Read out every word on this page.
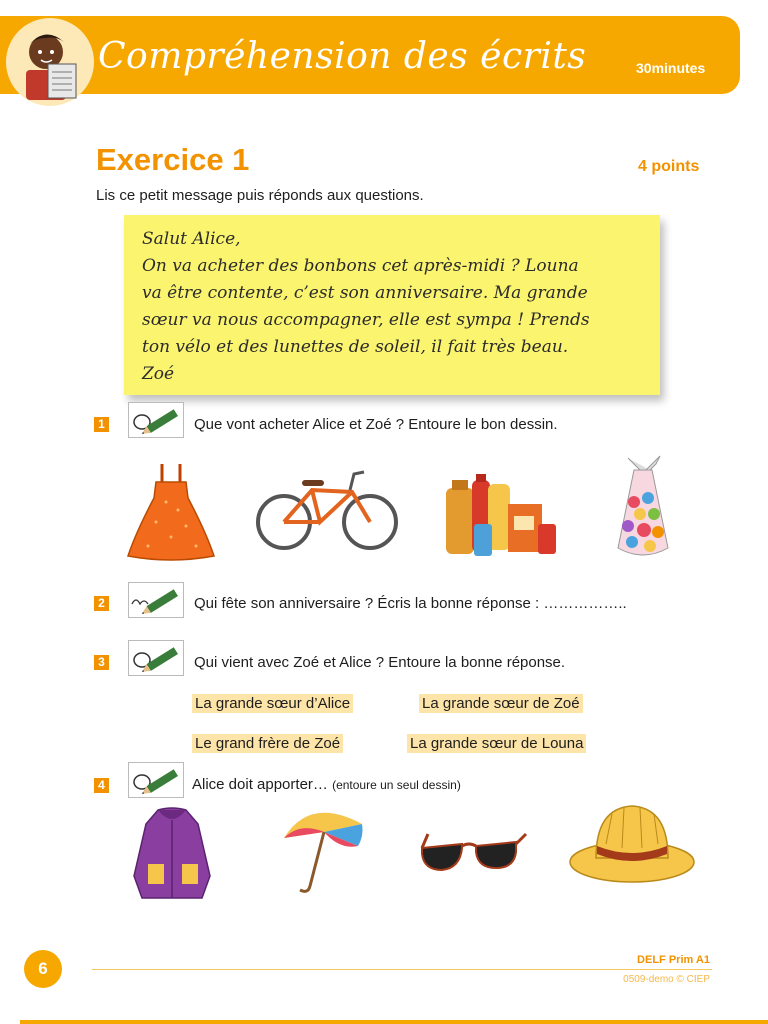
Compréhension des écrits	30minutes
Exercice 1	4 points
Lis ce petit message puis réponds aux questions.
Salut Alice,
On va acheter des bonbons cet après-midi ? Louna
va être contente, c’est son anniversaire. Ma grande
sœur va nous accompagner, elle est sympa ! Prends
ton vélo et des lunettes de soleil, il fait très beau.
Zoé
1	Que vont acheter Alice et Zoé ? Entoure le bon dessin.
2	Qui fête son anniversaire ? Écris la bonne réponse : ……………..
3	Qui vient avec Zoé et Alice ? Entoure la bonne réponse.
La grande sœur d’Alice	La grande sœur de Zoé
Le grand frère de Zoé	La grande sœur de Louna
4	Alice doit apporter… (entoure un seul dessin)
6	DELF Prim A1
0509-demo © CIEP
